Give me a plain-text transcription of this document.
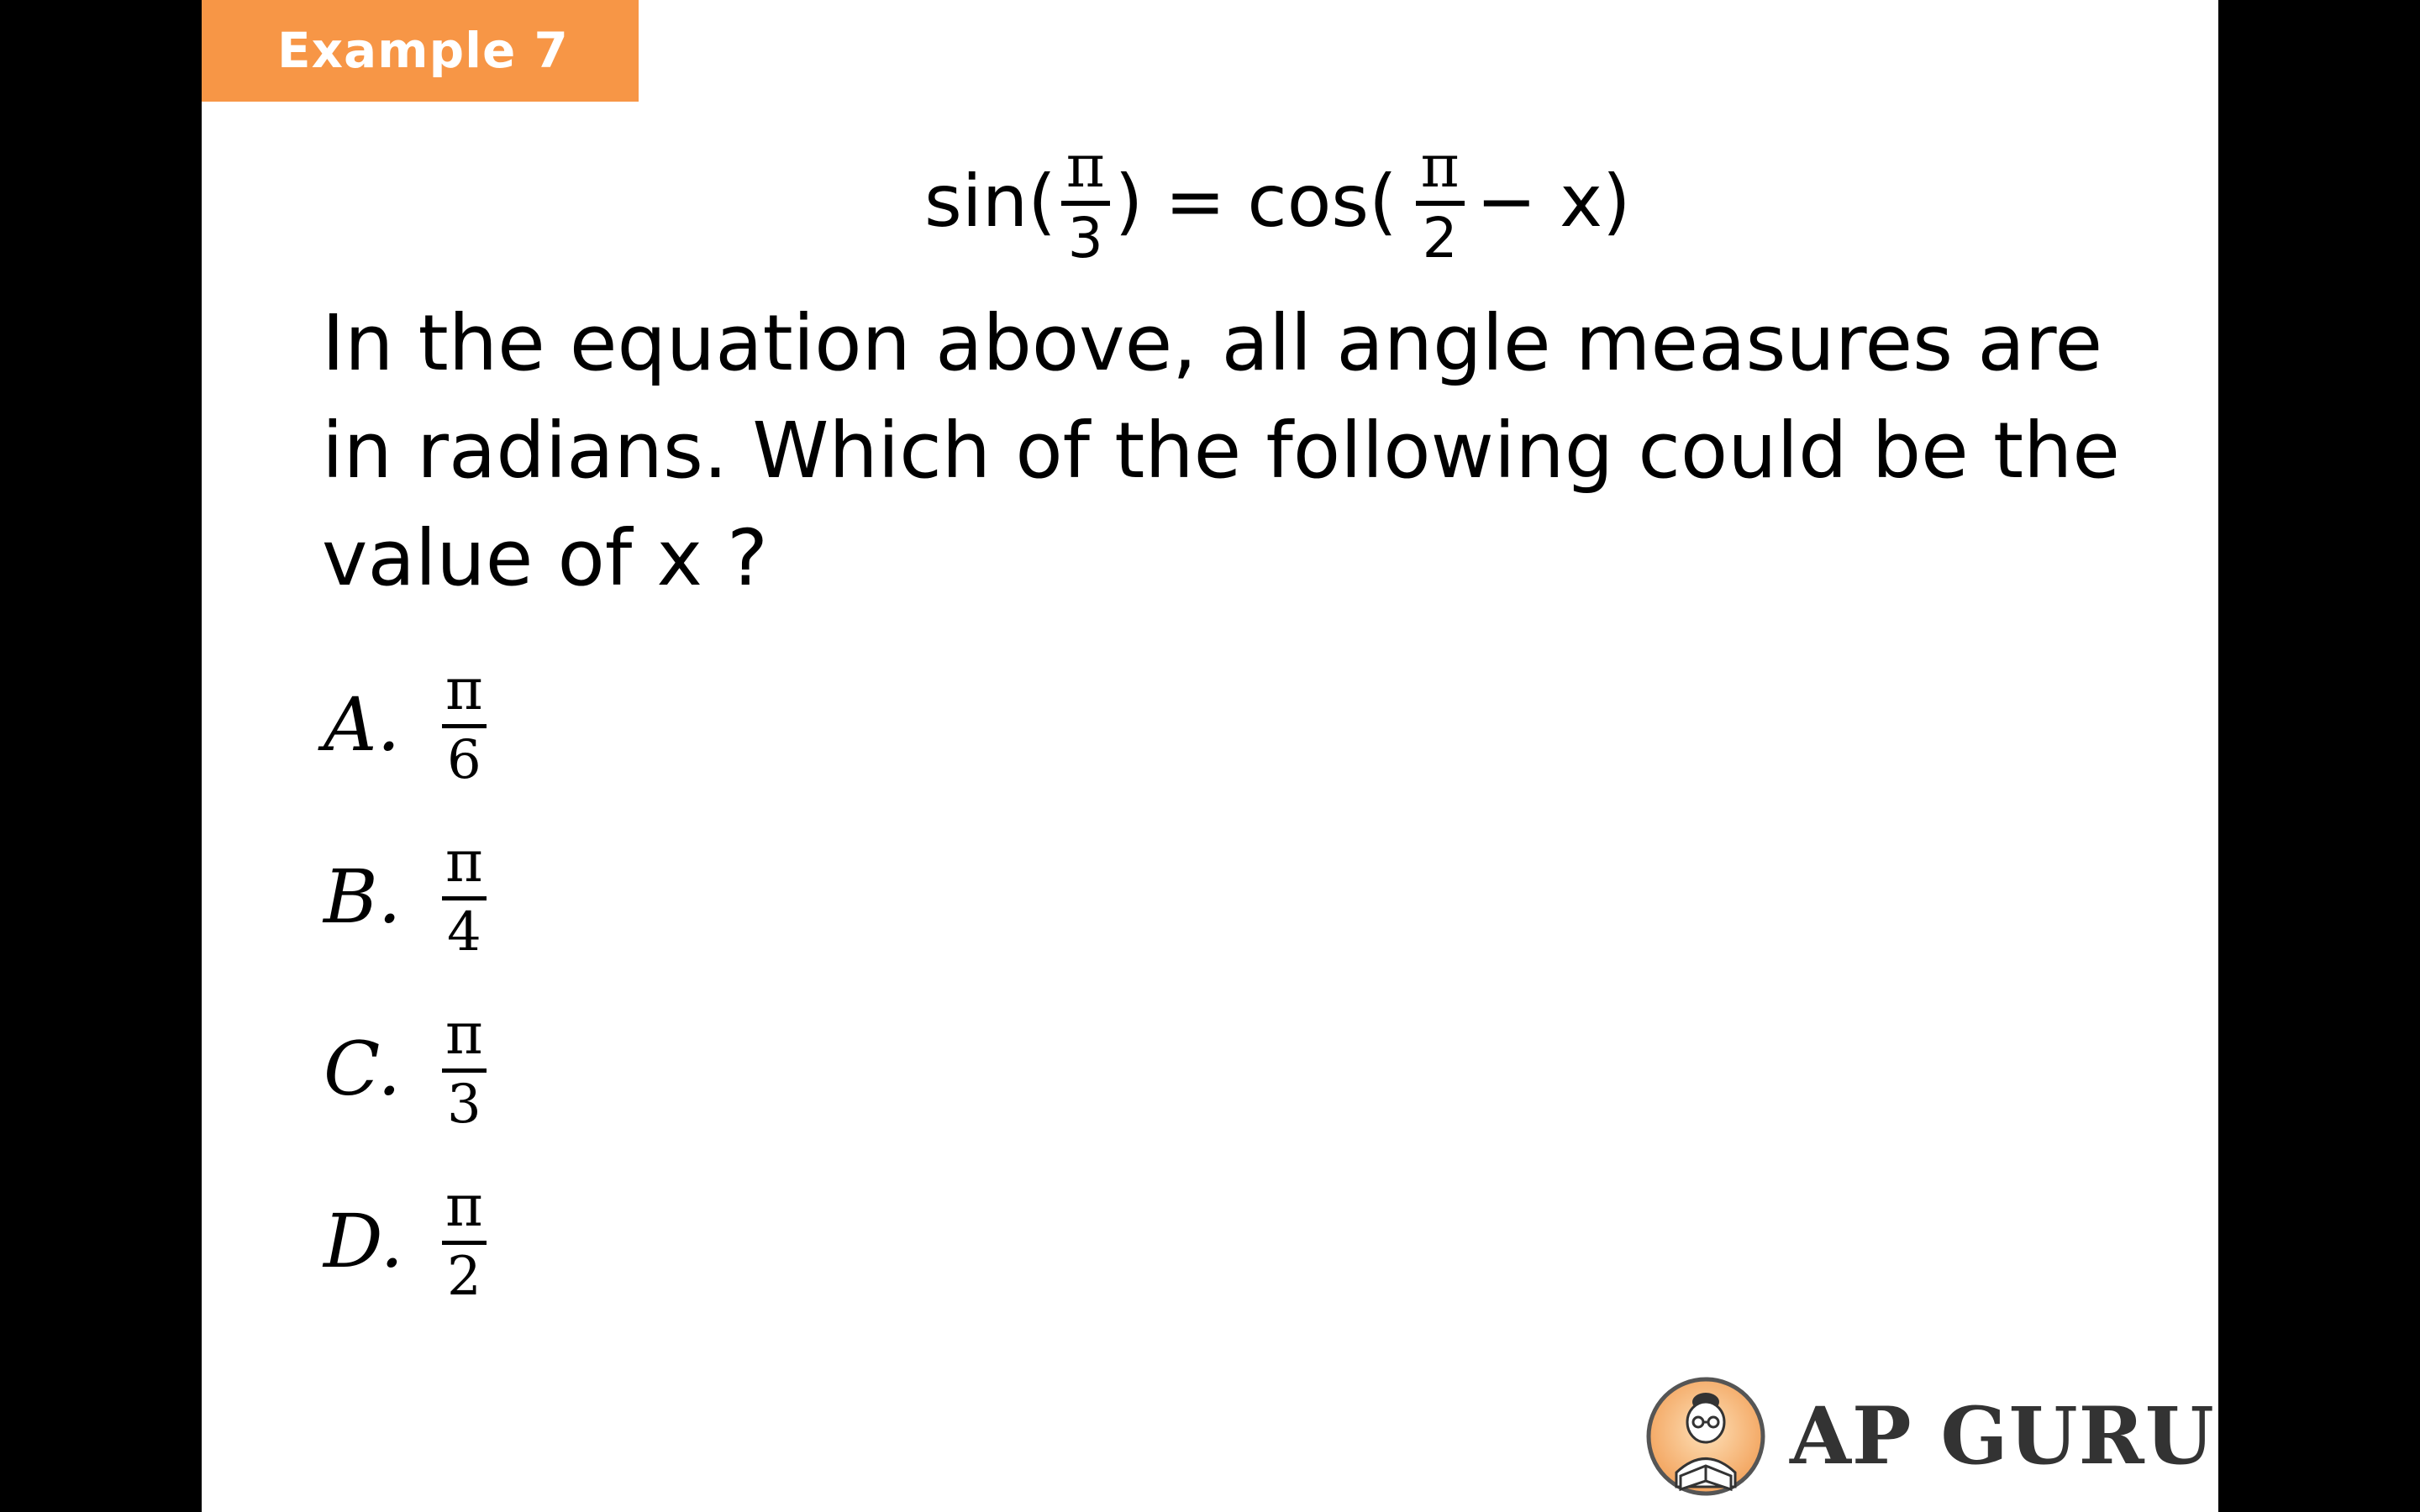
Example 7
sin( π
3 ) = cos( π
2 − x)
In the equation above, all angle measures are in radians. Which of the following could be the value of x ?
A. π
6
B. π
4
C. π
3
D. π
2
AP GURU
